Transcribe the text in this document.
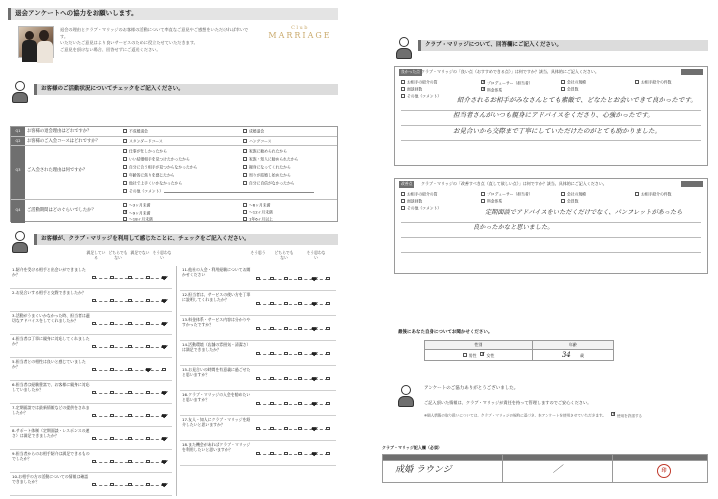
退会アンケートへの協力をお願いします。
退会の理由とクラブ・マリッジのお客様の活動について率直なご意見やご感想をいただければ幸いです。
いただいたご意見はより良いサービスのために役立たせていただきます。
ご意見を頂けない場合、回答せずにご返送ください。
Club
MARRIAGE
お客様のご活動状況についてチェックをご記入ください。
Q1	お客様の退会理由はどれですか？	不成婚退会	成婚退会
Q2	お客様のご入会コースはどれですか？	スタンダードコース	ハングコース
Q3	ご入会された理由は何ですか？
仕事が忙しかったから	家族に勧められたから
いい結婚相手を見つけたかったから	家族・知人に勧められたから
自分に合う相手が見つからなかったから	親身になってくれたから
年齢的に焦りを感じたから	周りが結婚し始めたから
他社で上手くいかなかったから	自分に自信がなかったから
その他（コメント）
Q4	ご活動期間はどのぐらいでしたか？
～3ヶ月未満	～6ヶ月未満
✓～9ヶ月未満	～12ヶ月未満
～18ヶ月未満	1年6ヶ月以上
お客様が、クラブ・マリッジを利用して感じたことに、チェックをご記入ください。
満足している
どちらでもない
満足でない そう思わない
そう思う	どちらでもない
そう思わない
1.紹介を受ける相手と出会いができましたか？
2.お見合いする相手と交際できましたか？
3.活動がうまくいかなかった時、担当者は適切なアドバイスをしてくれましたか？
4.担当者は丁寧に親身に対応してくれましたか？
5.担当者との相性は良いと感じていましたか？
6.担当者は経験豊富で、お客様に親身に対応していましたか？
7.定期面談では最新情報などの提供をされましたか？
8.サポート体制（定期面談・レスポンスの速さ）は満足できましたか？
9.担当者からのお相手紹介は満足できるものでしたか？
10.お相手の方の活動についての情報は確認できましたか？
11.他社の入会・利用経験についてお聞かせください
12.担当者は、サービスの使い方を丁寧に説明してくれましたか？
13.料金体系・サービス内容は分かりやすかったですか？
14.活動環境（店舗の雰囲気・清潔さ）は満足できましたか？
15.お見合いの時間を有意義に過ごせたと思いますか？
16.クラブ・マリッジの入会を勧めたいと思いますか？
17.友人・知人にクラブ・マリッジを紹介したいと思いますか？
18.また機会があればクラブ・マリッジを利用したいと思いますか？
クラブ・マリッジについて、回答欄にご記入ください。
良かった点 クラブ・マリッジの「良い点（おすすめできる点）」は何ですか？該当、具体的にご記入ください。
お相手の紹介の質 ✓	プロデューサー（担当者）	会社の規模	お相手紹介の件数
面談回数 ✓	料金体系	会員数
その他（コメント） 紹介されるお相手がみなさんとても素敵で、どなたとお会いできて良かったです。
担当者さんがいつも親身にアドバイスをくださり、心強かったです。
お見合いから交際まで丁寧にしていただけたのがとても助かりました。
改善点	クラブ・マリッジの「改善すべき点（直して欲しい点）」は何ですか？該当、具体的にご記入ください。
お相手の紹介の質	プロデューサー（担当者）	会社の規模	お相手紹介の件数
面談回数	料金体系	会員数
その他（コメント）
定期面談でアドバイスをいただくだけでなく、パンフレットがあったら
良かったかなと思いました。
最後にあなた自身についてお聞かせください。
性別	年齢
男性 ✓ 女性	34 歳
アンケートのご協力ありがとうございました。
ご記入頂いた情報は、クラブ・マリッジが責任を持って管理しますのでご安心ください。
※個人情報の取り扱いについては、クラブ・マリッジの規約に基づき、本アンケートを使用させていただきます。 ✓	使用を許諾する
クラブ・マリッジ記入欄（必須）

成婚 ラウンジ	／	印
